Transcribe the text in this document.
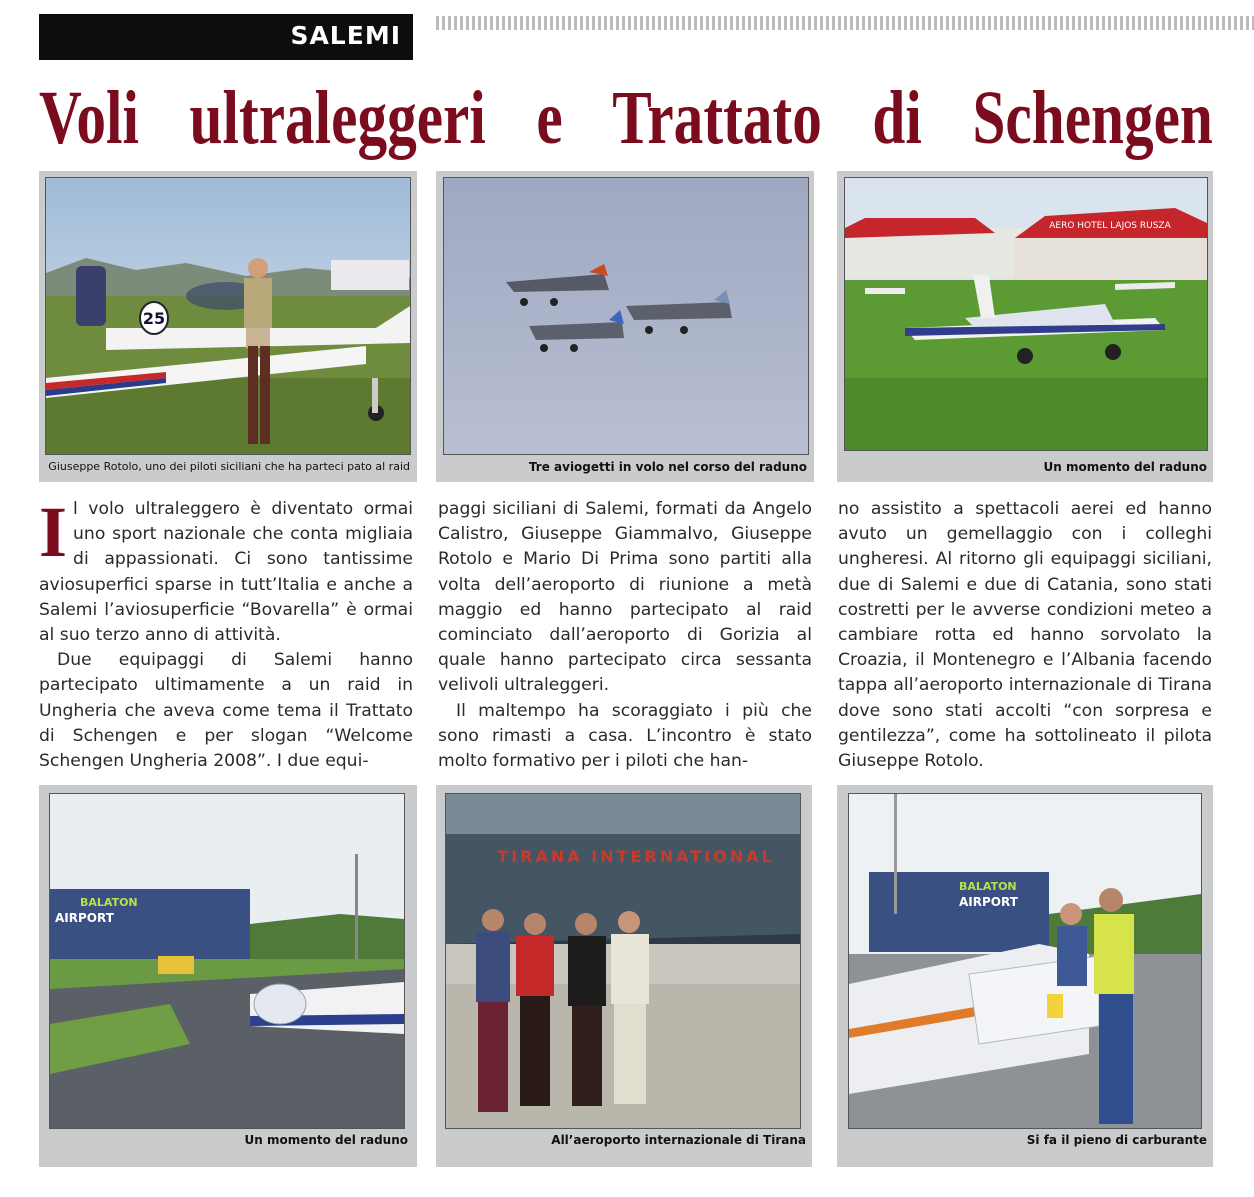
SALEMI
Voli ultraleggeri e Trattato di Schengen
25
Giuseppe Rotolo, uno dei piloti siciliani che ha parteci pato al raid	Tre aviogetti in volo nel corso del raduno
AERO HOTEL LAJOS RUSZA
Un momento del raduno

Il volo ultraleggero è diventato ormai uno sport nazionale che conta migliaia di appassionati. Ci sono tantissime aviosuperfici sparse in tutt’Italia e anche a Salemi l’aviosuperficie “Bovarella” è ormai al suo terzo anno di attività.

Due equipaggi di Salemi hanno partecipato ultimamente a un raid in Ungheria che aveva come tema il Trattato di Schengen e per slogan “Welcome Schengen Ungheria 2008”. I due equi-

paggi siciliani di Salemi, formati da Angelo Calistro, Giuseppe Giammalvo, Giuseppe Rotolo e Mario Di Prima sono partiti alla volta dell’aeroporto di riunione a metà maggio ed hanno partecipato al raid cominciato dall’aeroporto di Gorizia al quale hanno partecipato circa sessanta velivoli ultraleggeri.

Il maltempo ha scoraggiato i più che sono rimasti a casa. L’incontro è stato molto formativo per i piloti che han-

no assistito a spettacoli aerei ed hanno avuto un gemellaggio con i colleghi ungheresi. Al ritorno gli equipaggi siciliani, due di Salemi e due di Catania, sono stati costretti per le avverse condizioni meteo a cambiare rotta ed hanno sorvolato la Croazia, il Montenegro e l’Albania facendo tappa all’aeroporto internazionale di Tirana dove sono stati accolti “con sorpresa e gentilezza”, come ha sottolineato il pilota Giuseppe Rotolo.

BALATON
AIRPORT
Un momento del raduno
TIRANA INTERNATIONAL
All’aeroporto internazionale di Tirana
BALATON
AIRPORT
Si fa il pieno di carburante
